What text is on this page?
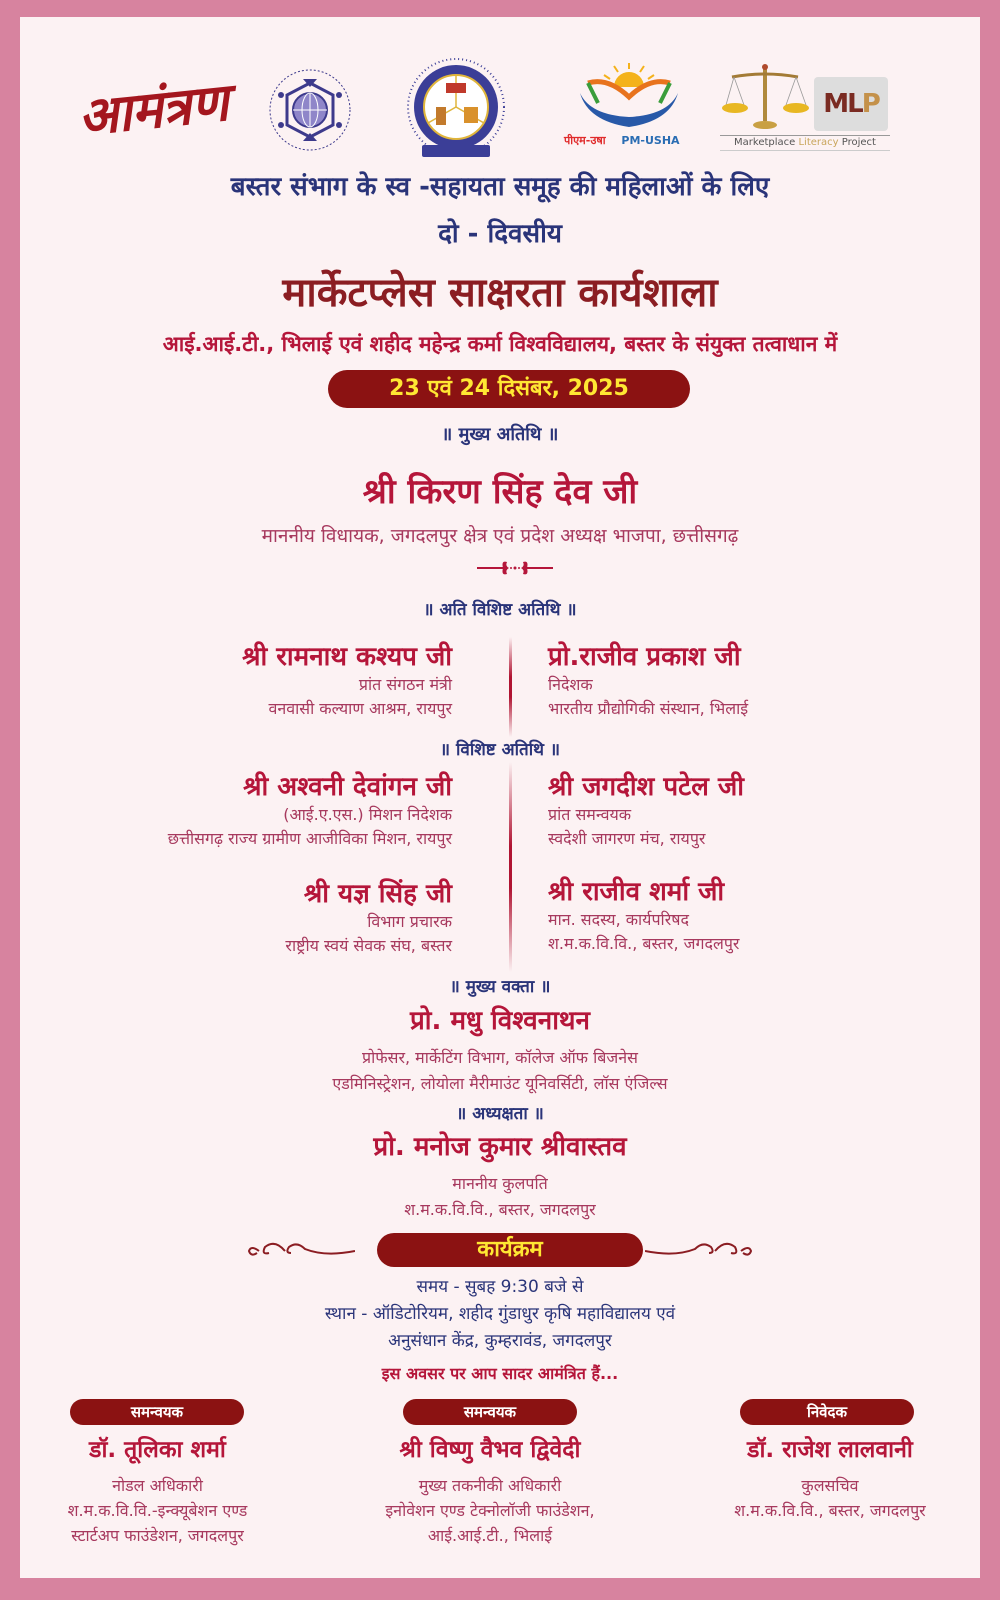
आमंत्रण	पीएम-उषा PM-USHA
MLP
Marketplace Literacy Project
बस्तर संभाग के स्व -सहायता समूह की महिलाओं के लिए
दो - दिवसीय
मार्केटप्लेस साक्षरता कार्यशाला
आई.आई.टी., भिलाई एवं शहीद महेन्द्र कर्मा विश्वविद्यालय, बस्तर के संयुक्त तत्वाधान में
23 एवं 24 दिसंबर, 2025
॥ मुख्य अतिथि ॥
श्री किरण सिंह देव जी
माननीय विधायक, जगदलपुर क्षेत्र एवं प्रदेश अध्यक्ष भाजपा, छत्तीसगढ़
॥ अति विशिष्ट अतिथि ॥
श्री रामनाथ कश्यप जी
प्रांत संगठन मंत्री
वनवासी कल्याण आश्रम, रायपुर
प्रो.राजीव प्रकाश जी
निदेशक
भारतीय प्रौद्योगिकी संस्थान, भिलाई
॥ विशिष्ट अतिथि ॥
श्री अश्वनी देवांगन जी
(आई.ए.एस.) मिशन निदेशक
छत्तीसगढ़ राज्य ग्रामीण आजीविका मिशन, रायपुर
श्री जगदीश पटेल जी
प्रांत समन्वयक
स्वदेशी जागरण मंच, रायपुर
श्री यज्ञ सिंह जी
विभाग प्रचारक
राष्ट्रीय स्वयं सेवक संघ, बस्तर
श्री राजीव शर्मा जी
मान. सदस्य, कार्यपरिषद
श.म.क.वि.वि., बस्तर, जगदलपुर
॥ मुख्य वक्ता ॥
प्रो. मधु विश्वनाथन
प्रोफेसर, मार्केटिंग विभाग, कॉलेज ऑफ बिजनेस
एडमिनिस्ट्रेशन, लोयोला मैरीमाउंट यूनिवर्सिटी, लॉस एंजिल्स
॥ अध्यक्षता ॥
प्रो. मनोज कुमार श्रीवास्तव
माननीय कुलपति
श.म.क.वि.वि., बस्तर, जगदलपुर
कार्यक्रम
समय - सुबह 9:30 बजे से
स्थान - ऑडिटोरियम, शहीद गुंडाधुर कृषि महाविद्यालय एवं
अनुसंधान केंद्र, कुम्हरावंड, जगदलपुर
इस अवसर पर आप सादर आमंत्रित हैं...
समन्वयक
डॉ. तूलिका शर्मा
नोडल अधिकारी
श.म.क.वि.वि.-इन्क्यूबेशन एण्ड
स्टार्टअप फाउंडेशन, जगदलपुर
समन्वयक
श्री विष्णु वैभव द्विवेदी
मुख्य तकनीकी अधिकारी
इनोवेशन एण्ड टेक्नोलॉजी फाउंडेशन,
आई.आई.टी., भिलाई
निवेदक
डॉ. राजेश लालवानी
कुलसचिव
श.म.क.वि.वि., बस्तर, जगदलपुर
